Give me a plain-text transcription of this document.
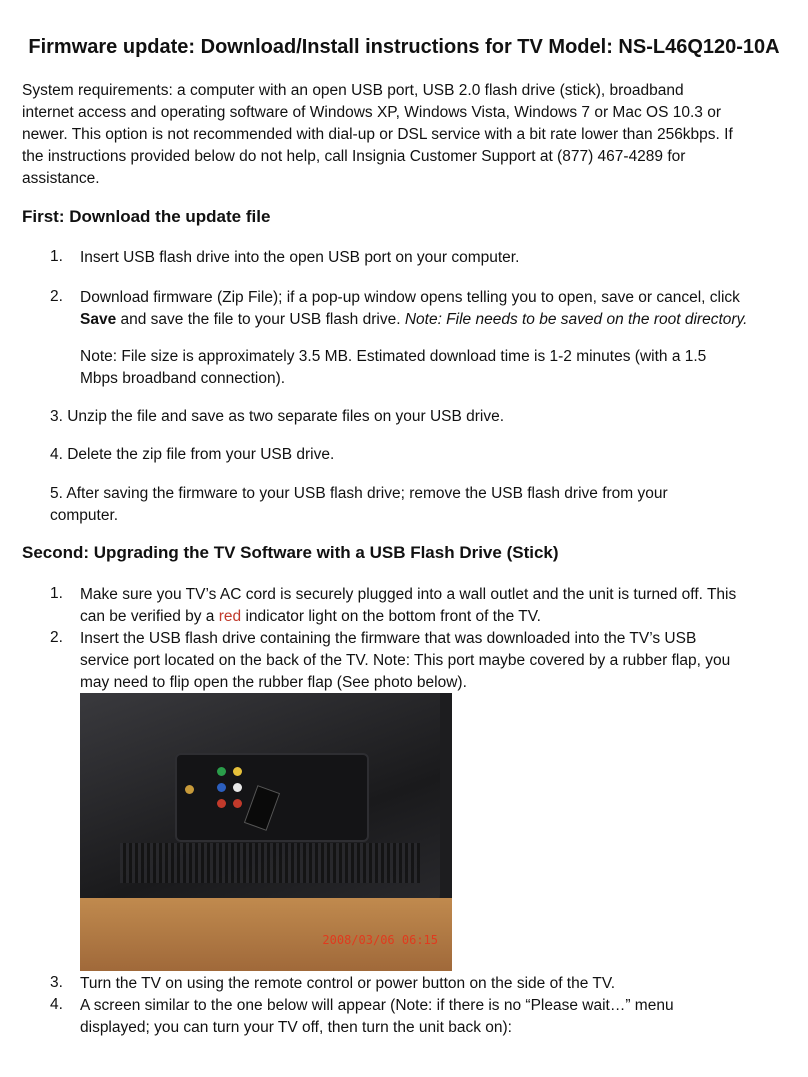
Firmware update: Download/Install instructions for TV Model: NS-L46Q120-10A
System requirements: a computer with an open USB port, USB 2.0 flash drive (stick), broadband
internet access and operating software of Windows XP, Windows Vista, Windows 7 or Mac OS 10.3 or
newer. This option is not recommended with dial-up or DSL service with a bit rate lower than 256kbps. If
the instructions provided below do not help, call Insignia Customer Support at (877) 467-4289 for
assistance.
First: Download the update file
1. Insert USB flash drive into the open USB port on your computer.
2. Download firmware (Zip File); if a pop-up window opens telling you to open, save or cancel, click
Save and save the file to your USB flash drive. Note: File needs to be saved on the root directory.
Note: File size is approximately 3.5 MB. Estimated download time is 1-2 minutes (with a 1.5
Mbps broadband connection).
3. Unzip the file and save as two separate files on your USB drive.
4. Delete the zip file from your USB drive.
5. After saving the firmware to your USB flash drive; remove the USB flash drive from your
computer.
Second: Upgrading the TV Software with a USB Flash Drive (Stick)
1. Make sure you TV’s AC cord is securely plugged into a wall outlet and the unit is turned off. This
can be verified by a red indicator light on the bottom front of the TV.
2. Insert the USB flash drive containing the firmware that was downloaded into the TV’s USB
service port located on the back of the TV. Note: This port maybe covered by a rubber flap, you
may need to flip open the rubber flap (See photo below).
2008/03/06 06:15
3. Turn the TV on using the remote control or power button on the side of the TV.
4. A screen similar to the one below will appear (Note: if there is no “Please wait…” menu
displayed; you can turn your TV off, then turn the unit back on):
